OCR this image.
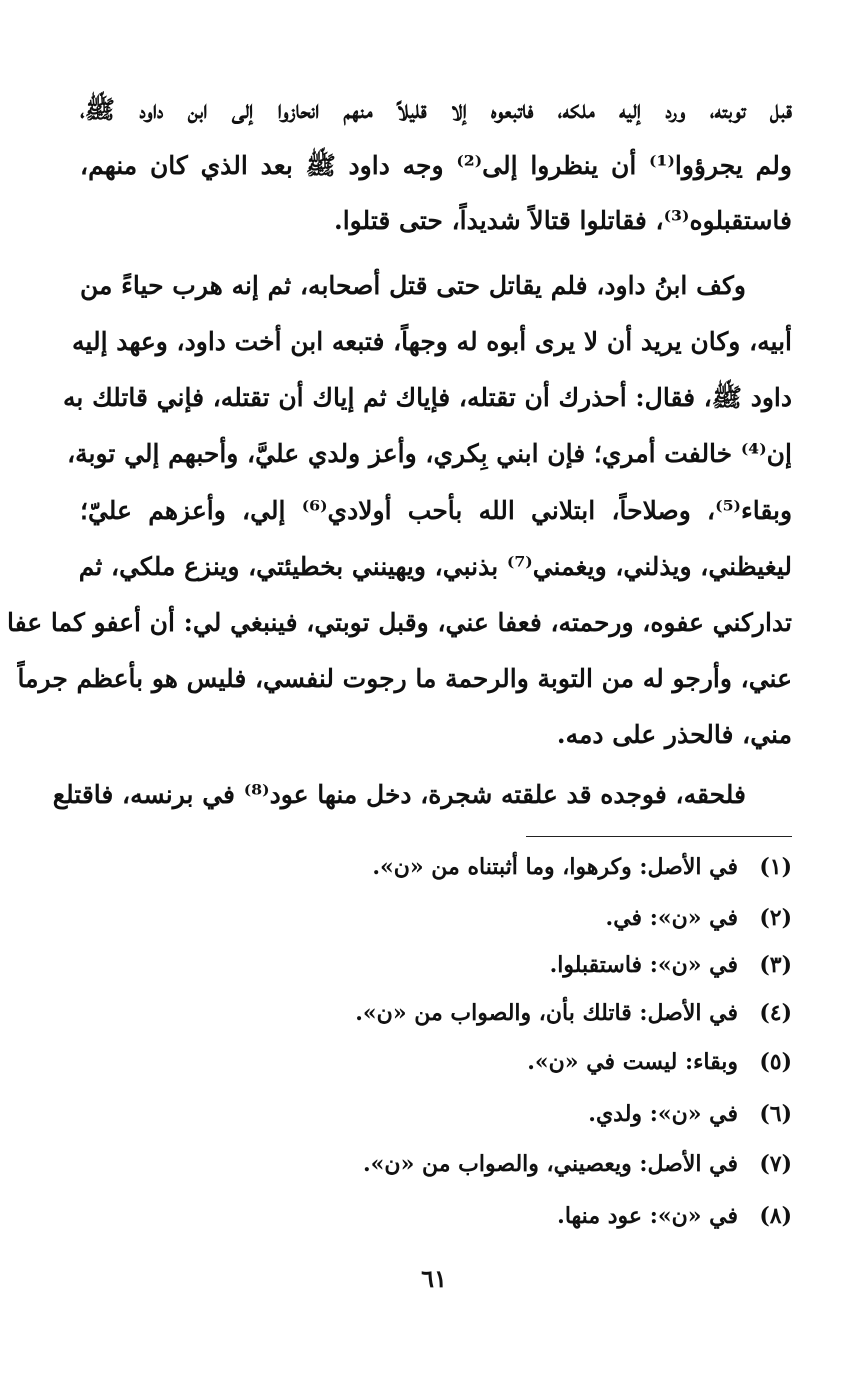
قبل توبته، ورد إليه ملكه، فاتبعوه إلا قليلاً منهم انحازوا إلى ابن داود ﷺ،
ولم يجرؤوا⁽¹⁾ أن ينظروا إلى⁽²⁾ وجه داود ﷺ بعد الذي كان منهم،
فاستقبلوه⁽³⁾، فقاتلوا قتالاً شديداً، حتى قتلوا.
وكف ابنُ داود، فلم يقاتل حتى قتل أصحابه، ثم إنه هرب حياءً من
أبيه، وكان يريد أن لا يرى أبوه له وجهاً، فتبعه ابن أخت داود، وعهد إليه
داود ﷺ، فقال: أحذرك أن تقتله، فإياك ثم إياك أن تقتله، فإني قاتلك به
إن⁽⁴⁾ خالفت أمري؛ فإن ابني بِكري، وأعز ولدي عليَّ، وأحبهم إلي توبة،
وبقاء⁽⁵⁾، وصلاحاً، ابتلاني الله بأحب أولادي⁽⁶⁾ إلي، وأعزهم عليّ؛
ليغيظني، ويذلني، ويغمني⁽⁷⁾ بذنبي، ويهينني بخطيئتي، وينزع ملكي، ثم
تداركني عفوه، ورحمته، فعفا عني، وقبل توبتي، فينبغي لي: أن أعفو كما عفا
عني، وأرجو له من التوبة والرحمة ما رجوت لنفسي، فليس هو بأعظم جرماً
مني، فالحذر على دمه.
فلحقه، فوجده قد علقته شجرة، دخل منها عود⁽⁸⁾ في برنسه، فاقتلع
(١)في الأصل: وكرهوا، وما أثبتناه من «ن».
(٢)في «ن»: في.
(٣)في «ن»: فاستقبلوا.
(٤)في الأصل: قاتلك بأن، والصواب من «ن».
(٥)وبقاء: ليست في «ن».
(٦)في «ن»: ولدي.
(٧)في الأصل: ويعصيني، والصواب من «ن».
(٨)في «ن»: عود منها.
٦١
